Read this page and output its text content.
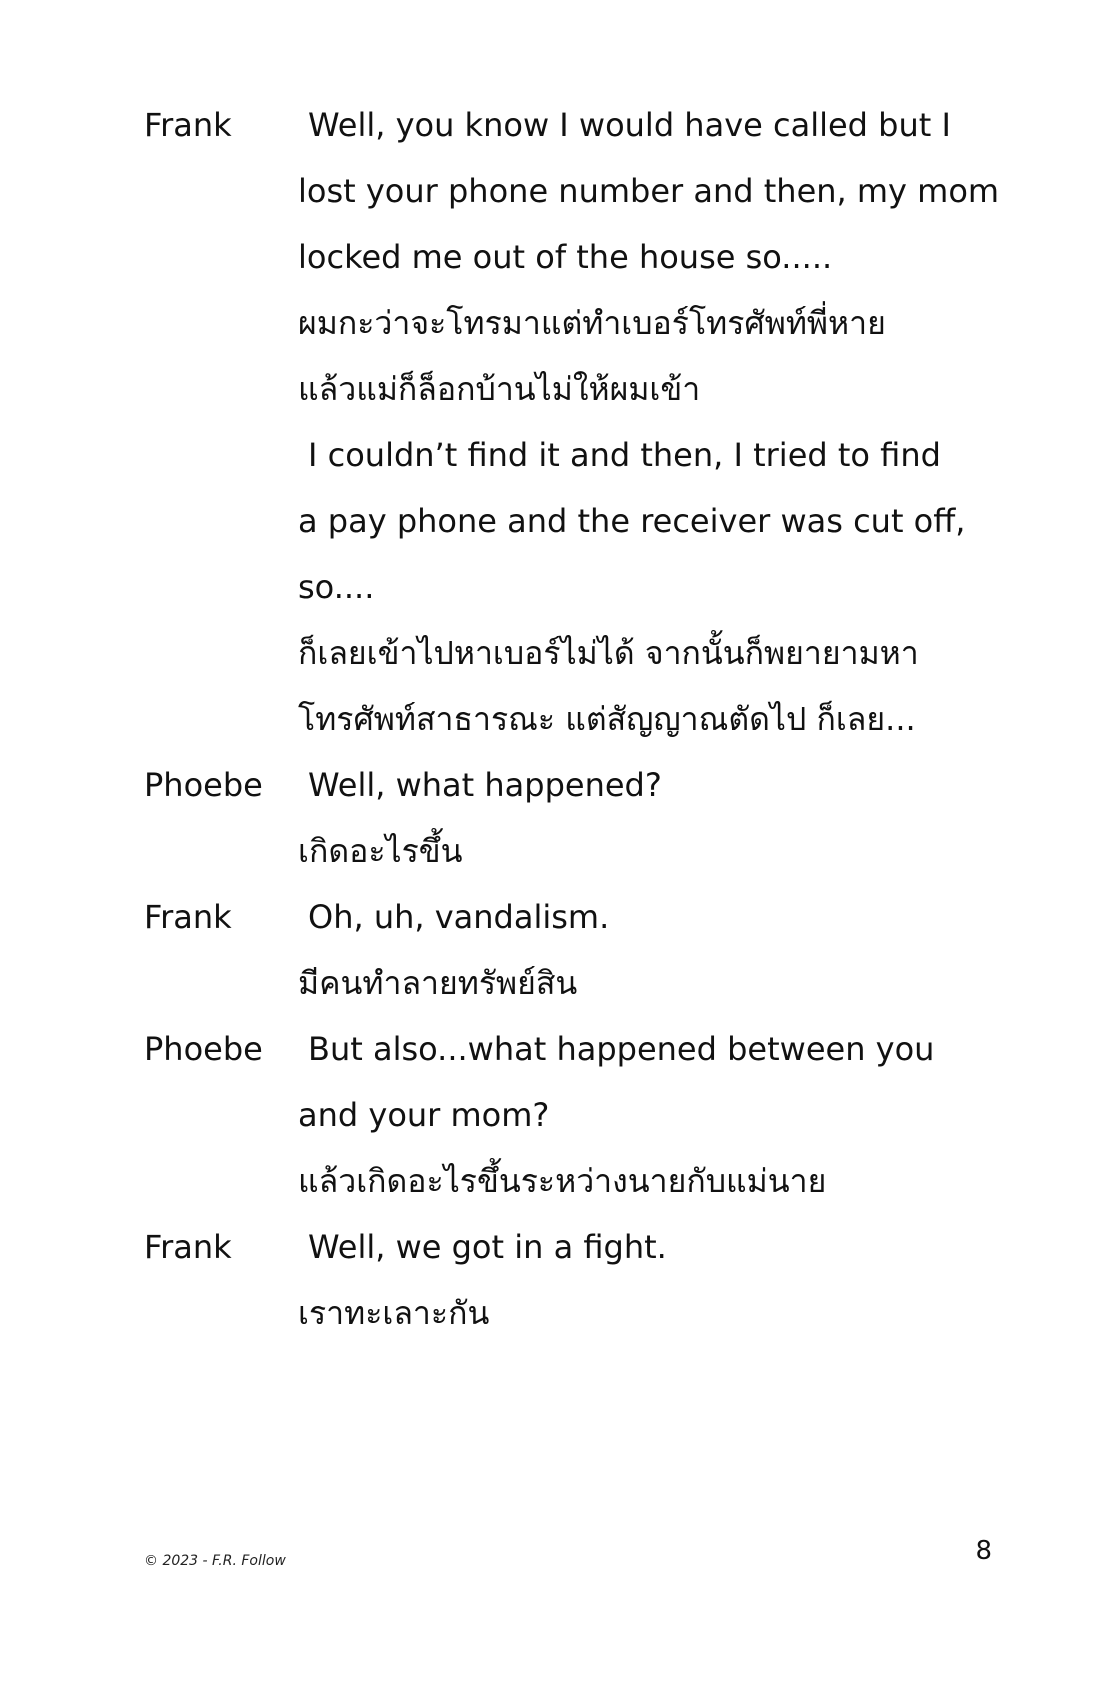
Frank	Well, you know I would have called but I
lost your phone number and then, my mom
locked me out of the house so.....
ผมกะว่าจะโทรมาแต่ทำเบอร์โทรศัพท์พี่หาย
แล้วแม่ก็ล็อกบ้านไม่ให้ผมเข้า
I couldn’t find it and then, I tried to find
a pay phone and the receiver was cut off,
so....
ก็เลยเข้าไปหาเบอร์ไม่ได้ จากนั้นก็พยายามหา
โทรศัพท์สาธารณะ แต่สัญญาณตัดไป ก็เลย...
Phoebe	Well, what happened?
เกิดอะไรขึ้น
Frank	Oh, uh, vandalism.
มีคนทำลายทรัพย์สิน
Phoebe	But also...what happened between you
and your mom?
แล้วเกิดอะไรขึ้นระหว่างนายกับแม่นาย
Frank	Well, we got in a fight.
เราทะเลาะกัน
© 2023 - F.R. Follow	8
